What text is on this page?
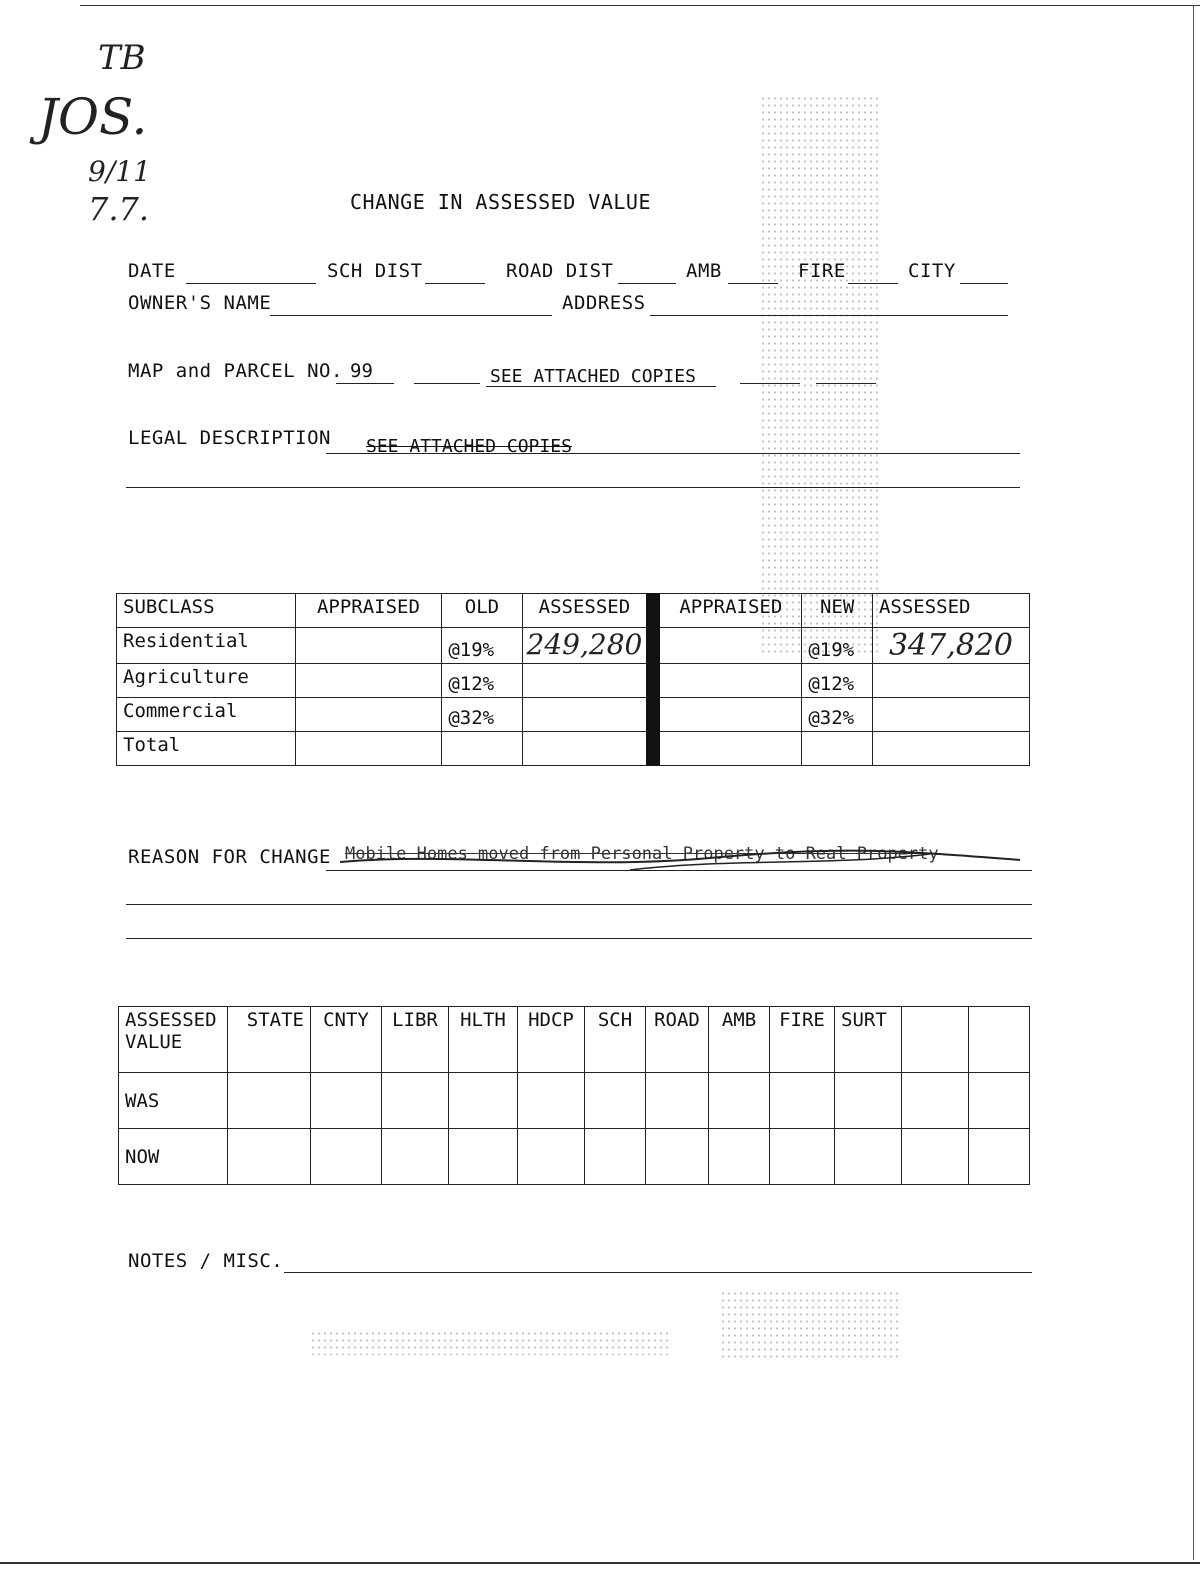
TB
JOS.
9/11
7.7.	CHANGE IN ASSESSED VALUE
DATE	SCH DIST	ROAD DIST	AMB	FIRE	CITY
OWNER'S NAME	ADDRESS
MAP and PARCEL NO. 99	SEE ATTACHED COPIES
LEGAL DESCRIPTION SEE ATTACHED COPIES
SUBCLASS	APPRAISED	OLD	ASSESSED	APPRAISED	NEW	ASSESSED
Residential		@19%	249,280		@19%	347,820
Agriculture		@12%			@12%	
Commercial		@32%			@32%	
Total						
REASON FOR CHANGE Mobile Homes moved from Personal Property to Real Property
ASSESSED
VALUE	STATE	CNTY	LIBR	HLTH	HDCP	SCH	ROAD	AMB	FIRE	SURT		
WAS												
NOW												
NOTES / MISC.
